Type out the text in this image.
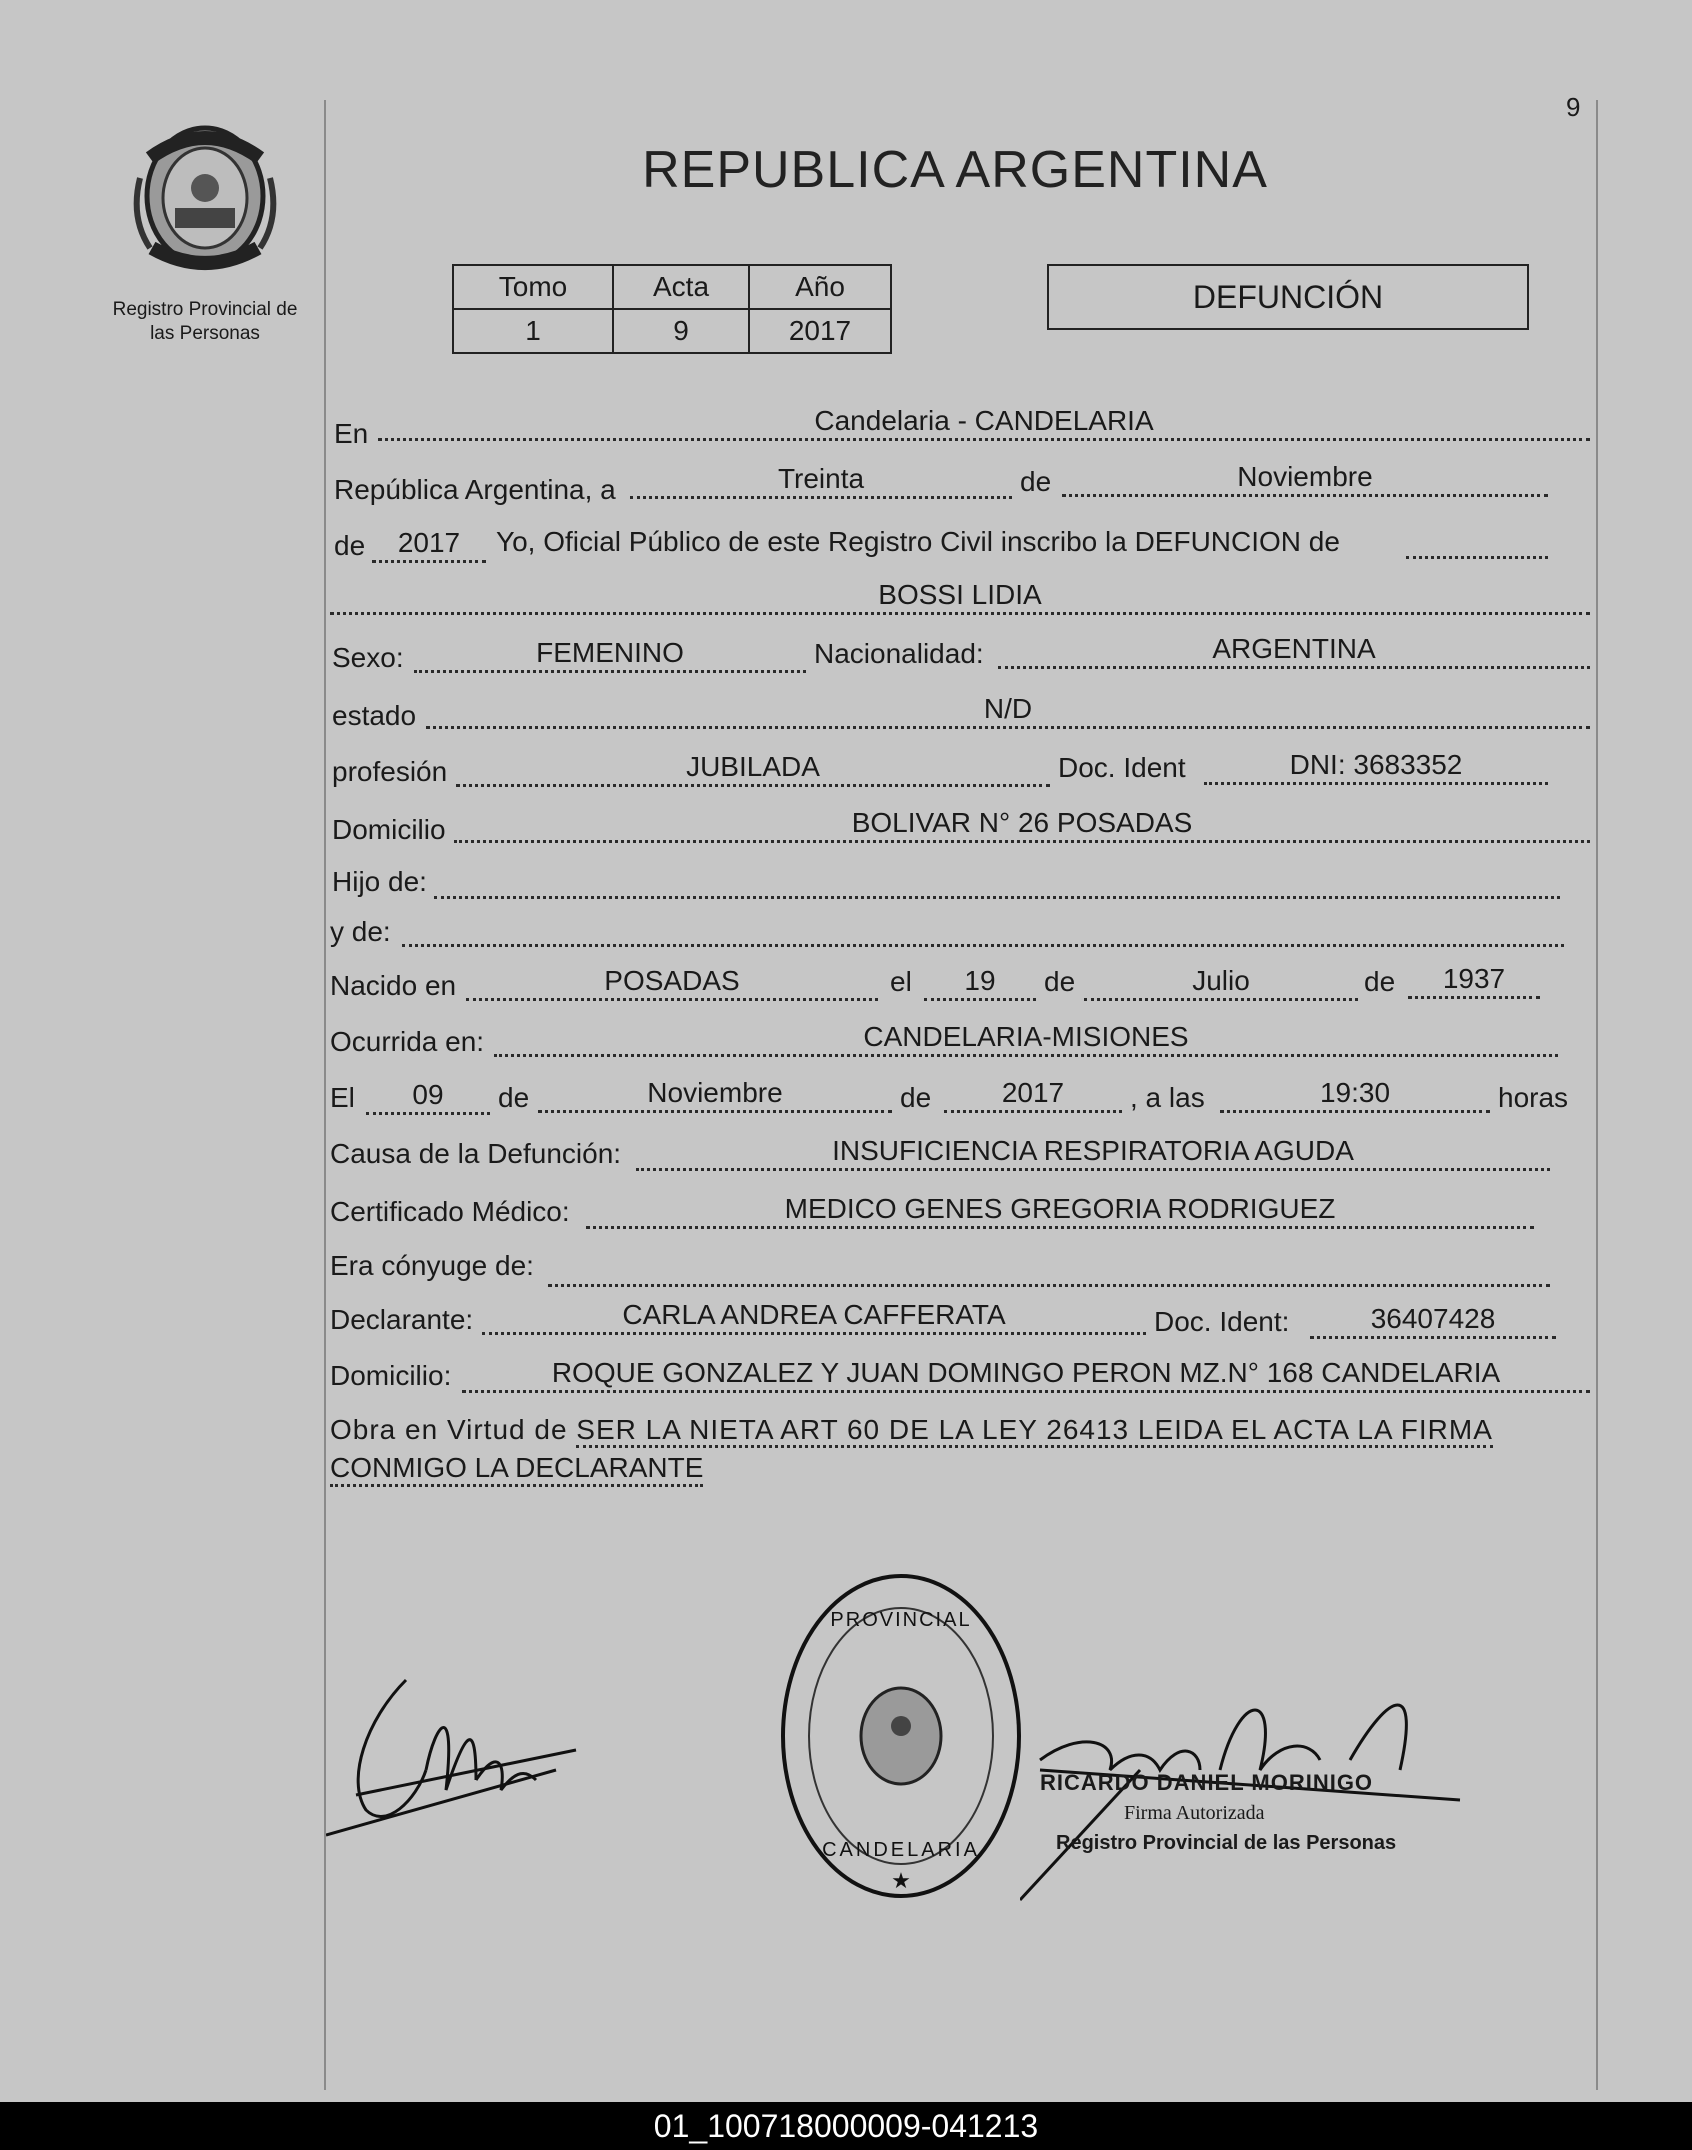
Registro Provincial de las Personas
REPUBLICA ARGENTINA
9
Tomo	Acta	Año
1	9	2017
DEFUNCIÓN
En	Candelaria - CANDELARIA
República Argentina, a	Treinta	de	Noviembre
de	2017	Yo, Oficial Público de este Registro Civil inscribo la DEFUNCION de
BOSSI LIDIA
Sexo:	FEMENINO	Nacionalidad:	ARGENTINA
estado	N/D
profesión	JUBILADA	Doc. Ident	DNI: 3683352
Domicilio	BOLIVAR N° 26 POSADAS
Hijo de:
y de:
Nacido en	POSADAS	el	19	de	Julio	de	1937
Ocurrida en:	CANDELARIA-MISIONES
El	09	de	Noviembre	de	2017	, a las	19:30	horas
Causa de la Defunción:	INSUFICIENCIA RESPIRATORIA AGUDA
Certificado Médico:	MEDICO GENES GREGORIA RODRIGUEZ
Era cónyuge de:
Declarante:	CARLA ANDREA CAFFERATA	Doc. Ident:	36407428
Domicilio:	ROQUE GONZALEZ Y JUAN DOMINGO PERON MZ.N° 168 CANDELARIA
Obra en Virtud de SER LA NIETA ART 60 DE LA LEY 26413 LEIDA EL ACTA LA FIRMA
CONMIGO LA DECLARANTE
PROVINCIAL
CANDELARIA
★
RICARDO DANIEL MORINIGO
Firma Autorizada
Registro Provincial de las Personas
01_100718000009-041213
